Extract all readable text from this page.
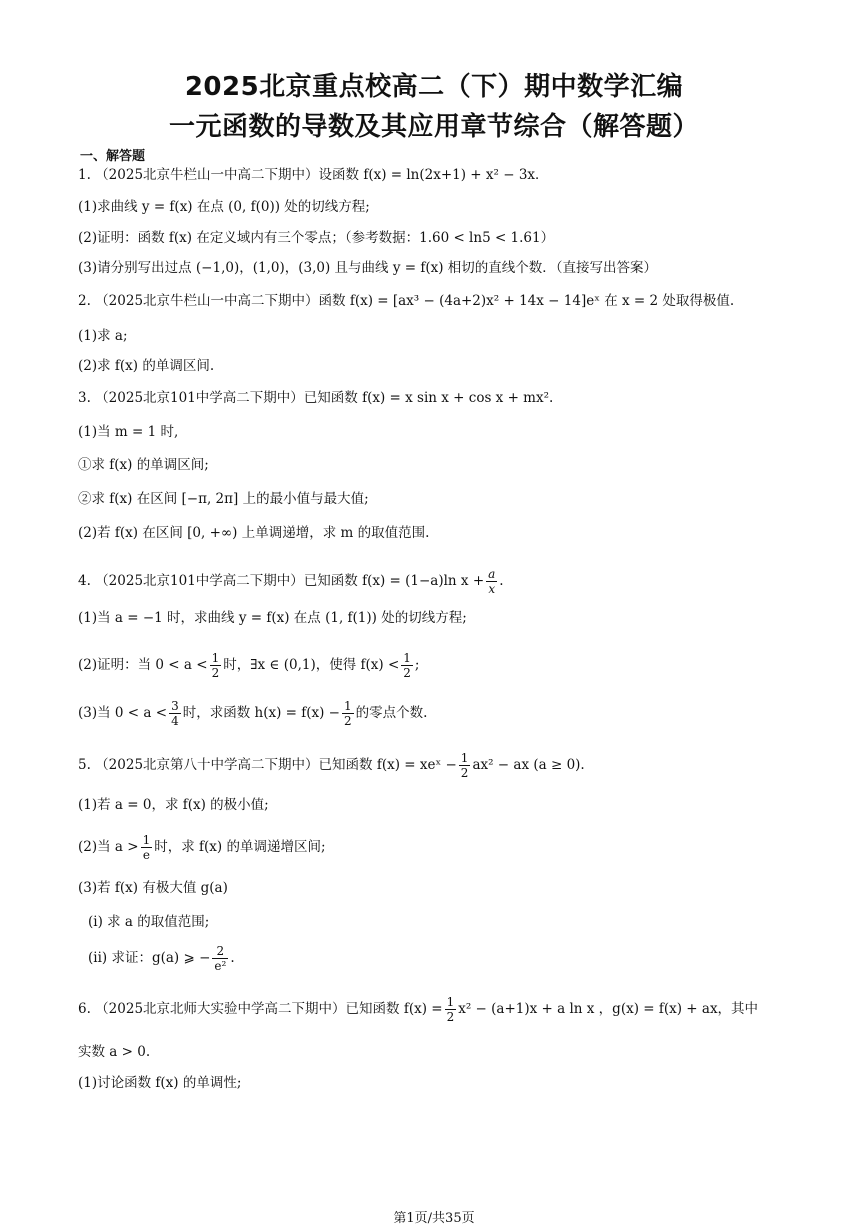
2025北京重点校高二（下）期中数学汇编
一元函数的导数及其应用章节综合（解答题）
一、解答题
1. （2025北京牛栏山一中高二下期中）设函数 f(x) = ln(2x+1) + x² − 3x．
(1)求曲线 y = f(x) 在点 (0, f(0)) 处的切线方程;
(2)证明：函数 f(x) 在定义域内有三个零点；（参考数据：1.60 < ln5 < 1.61）
(3)请分别写出过点 (−1,0)，(1,0)，(3,0) 且与曲线 y = f(x) 相切的直线个数．（直接写出答案）
2. （2025北京牛栏山一中高二下期中）函数 f(x) = [ax³ − (4a+2)x² + 14x − 14]eˣ 在 x = 2 处取得极值.
(1)求 a;
(2)求 f(x) 的单调区间.
3. （2025北京101中学高二下期中）已知函数 f(x) = x sin x + cos x + mx².
(1)当 m = 1 时,
①求 f(x) 的单调区间;
②求 f(x) 在区间 [−π, 2π] 上的最小值与最大值;
(2)若 f(x) 在区间 [0, +∞) 上单调递增，求 m 的取值范围.
4. （2025北京101中学高二下期中）已知函数 f(x) = (1−a)ln $x + \frac{a}{x}$ .
(1)当 a = −1 时，求曲线 y = f(x) 在点 (1, f(1)) 处的切线方程;
(2)证明：当 $0 < a < \frac{1}{2}$ 时，∃x ∈ (0,1)，使得 $f(x) < \frac{1}{2}$ ;
(3)当 $0 < a < \frac{3}{4}$ 时，求函数 $h(x) = f(x) - \frac{1}{2}$ 的零点个数.
5. （2025北京第八十中学高二下期中）已知函数 f(x) = xeˣ − $\frac{1}{2} ax^2$ − ax (a ≥ 0).
(1)若 a = 0，求 f(x) 的极小值;
(2)当 $a > \frac{1}{e}$ 时，求 f(x) 的单调递增区间;
(3)若 f(x) 有极大值 g(a)
(i) 求 a 的取值范围;
(ii) 求证：g(a) ⩾ − $\frac{2}{\text{e²}}$ .
6. （2025北京北师大实验中学高二下期中）已知函数 $f(x) = \frac{1}{2} x^2 - (a+1)x + a$ ln x ，g(x) = f(x) + ax，其中
实数 a > 0.
(1)讨论函数 f(x) 的单调性;
第1页/共35页
